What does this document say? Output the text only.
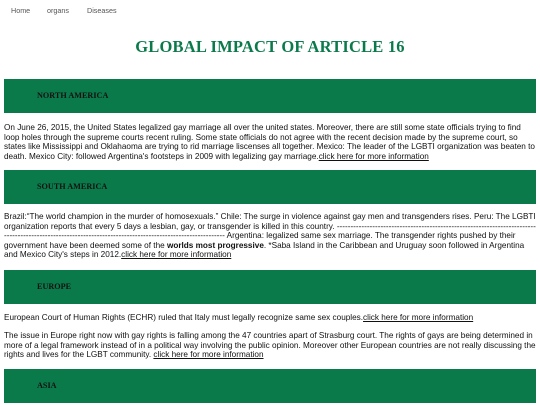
Home organs	Diseases
GLOBAL IMPACT OF ARTICLE 16
NORTH AMERICA

On June 26, 2015, the United States legalized gay marriage all over the united states. Moreover, there are still some state officials trying to find loop holes through the supreme courts recent ruling. Some state officials do not agree with the recent decision made by the supreme court, so states like Mississippi and Oklahaoma are trying to rid marriage liscenses all together. Mexico: The leader of the LGBTI organization was beaten to death. Mexico City: followed Argentina's footsteps in 2009 with legalizing gay marriage.click here for more information

SOUTH AMERICA

Brazil:“The world champion in the murder of homosexuals.” Chile: The surge in violence against gay men and transgenders rises. Peru: The LGBTI organization reports that every 5 days a lesbian, gay, or transgender is killed in this country. ---------------------------------------------------------------------------------------------------------------------------------------------------------- Argentina: legalized same sex marriage. The transgender rights pushed by their government have been deemed some of the worlds most progressive. *Saba Island in the Caribbean and Uruguay soon followed in Argentina and Mexico City's steps in 2012.click here for more information

EUROPE

European Court of Human Rights (ECHR) ruled that Italy must legally recognize same sex couples.click here for more information

The issue in Europe right now with gay rights is falling among the 47 countries apart of Strasburg court. The rights of gays are being determined in more of a legal framework instead of in a political way involving the public opinion. Moreover other European countries are not really discussing the rights and lives for the LGBT community. click here for more information

ASIA
